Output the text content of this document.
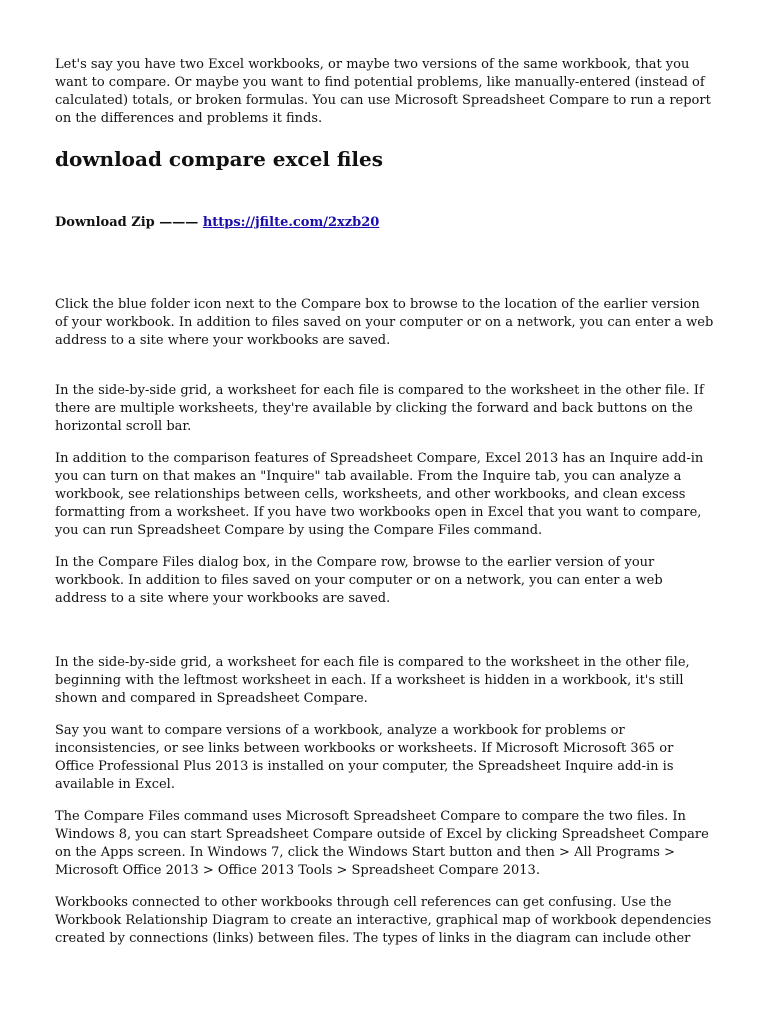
Let's say you have two Excel workbooks, or maybe two versions of the same workbook, that you want to compare. Or maybe you want to find potential problems, like manually-entered (instead of calculated) totals, or broken formulas. You can use Microsoft Spreadsheet Compare to run a report on the differences and problems it finds.

download compare excel files

Download Zip ——— https://jfilte.com/2xzb20

Click the blue folder icon next to the Compare box to browse to the location of the earlier version of your workbook. In addition to files saved on your computer or on a network, you can enter a web address to a site where your workbooks are saved.

In the side-by-side grid, a worksheet for each file is compared to the worksheet in the other file. If there are multiple worksheets, they're available by clicking the forward and back buttons on the horizontal scroll bar.

In addition to the comparison features of Spreadsheet Compare, Excel 2013 has an Inquire add-in you can turn on that makes an "Inquire" tab available. From the Inquire tab, you can analyze a workbook, see relationships between cells, worksheets, and other workbooks, and clean excess formatting from a worksheet. If you have two workbooks open in Excel that you want to compare, you can run Spreadsheet Compare by using the Compare Files command.

In the Compare Files dialog box, in the Compare row, browse to the earlier version of your workbook. In addition to files saved on your computer or on a network, you can enter a web address to a site where your workbooks are saved.

In the side-by-side grid, a worksheet for each file is compared to the worksheet in the other file, beginning with the leftmost worksheet in each. If a worksheet is hidden in a workbook, it's still shown and compared in Spreadsheet Compare.

Say you want to compare versions of a workbook, analyze a workbook for problems or inconsistencies, or see links between workbooks or worksheets. If Microsoft Microsoft 365 or Office Professional Plus 2013 is installed on your computer, the Spreadsheet Inquire add-in is available in Excel.

The Compare Files command uses Microsoft Spreadsheet Compare to compare the two files. In Windows 8, you can start Spreadsheet Compare outside of Excel by clicking Spreadsheet Compare on the Apps screen. In Windows 7, click the Windows Start button and then > All Programs > Microsoft Office 2013 > Office 2013 Tools > Spreadsheet Compare 2013.

Workbooks connected to other workbooks through cell references can get confusing. Use the Workbook Relationship Diagram to create an interactive, graphical map of workbook dependencies created by connections (links) between files. The types of links in the diagram can include other
